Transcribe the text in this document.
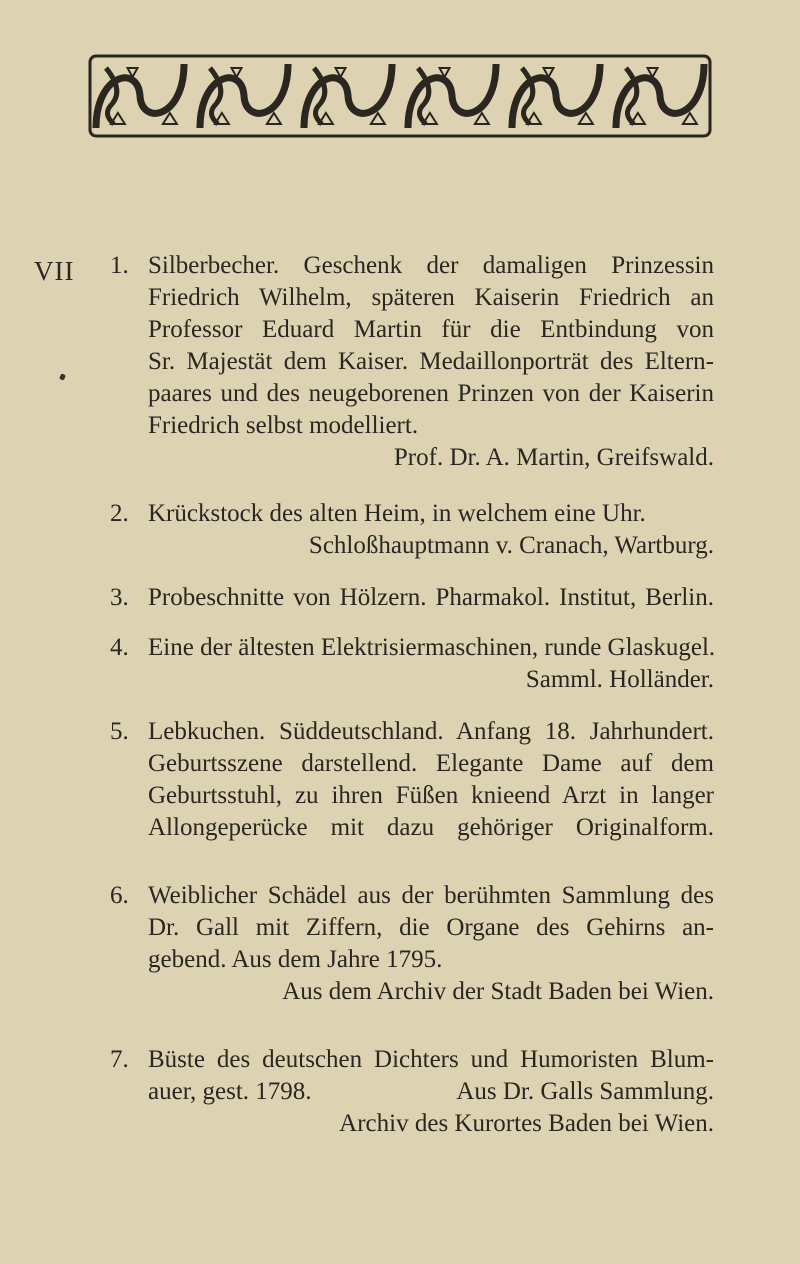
VII 1. Silberbecher. Geschenk der damaligen Prinzessin
Friedrich Wilhelm, späteren Kaiserin Friedrich an
Professor Eduard Martin für die Entbindung von
Sr. Majestät dem Kaiser. Medaillonporträt des Eltern-
paares und des neugeborenen Prinzen von der Kaiserin
Friedrich selbst modelliert.
Prof. Dr. A. Martin, Greifswald.
2. Krückstock des alten Heim, in welchem eine Uhr.
Schloßhauptmann v. Cranach, Wartburg.
3. Probeschnitte von Hölzern. Pharmakol. Institut, Berlin.
4. Eine der ältesten Elektrisiermaschinen, runde Glaskugel.
Samml. Holländer.
5. Lebkuchen. Süddeutschland. Anfang 18. Jahrhundert.
Geburtsszene darstellend. Elegante Dame auf dem
Geburtsstuhl, zu ihren Füßen knieend Arzt in langer
Allongeperücke mit dazu gehöriger Originalform.
6. Weiblicher Schädel aus der berühmten Sammlung des
Dr. Gall mit Ziffern, die Organe des Gehirns an-
gebend. Aus dem Jahre 1795.
Aus dem Archiv der Stadt Baden bei Wien.
7. Büste des deutschen Dichters und Humoristen Blum-
auer, gest. 1798.	Aus Dr. Galls Sammlung.
Archiv des Kurortes Baden bei Wien.
